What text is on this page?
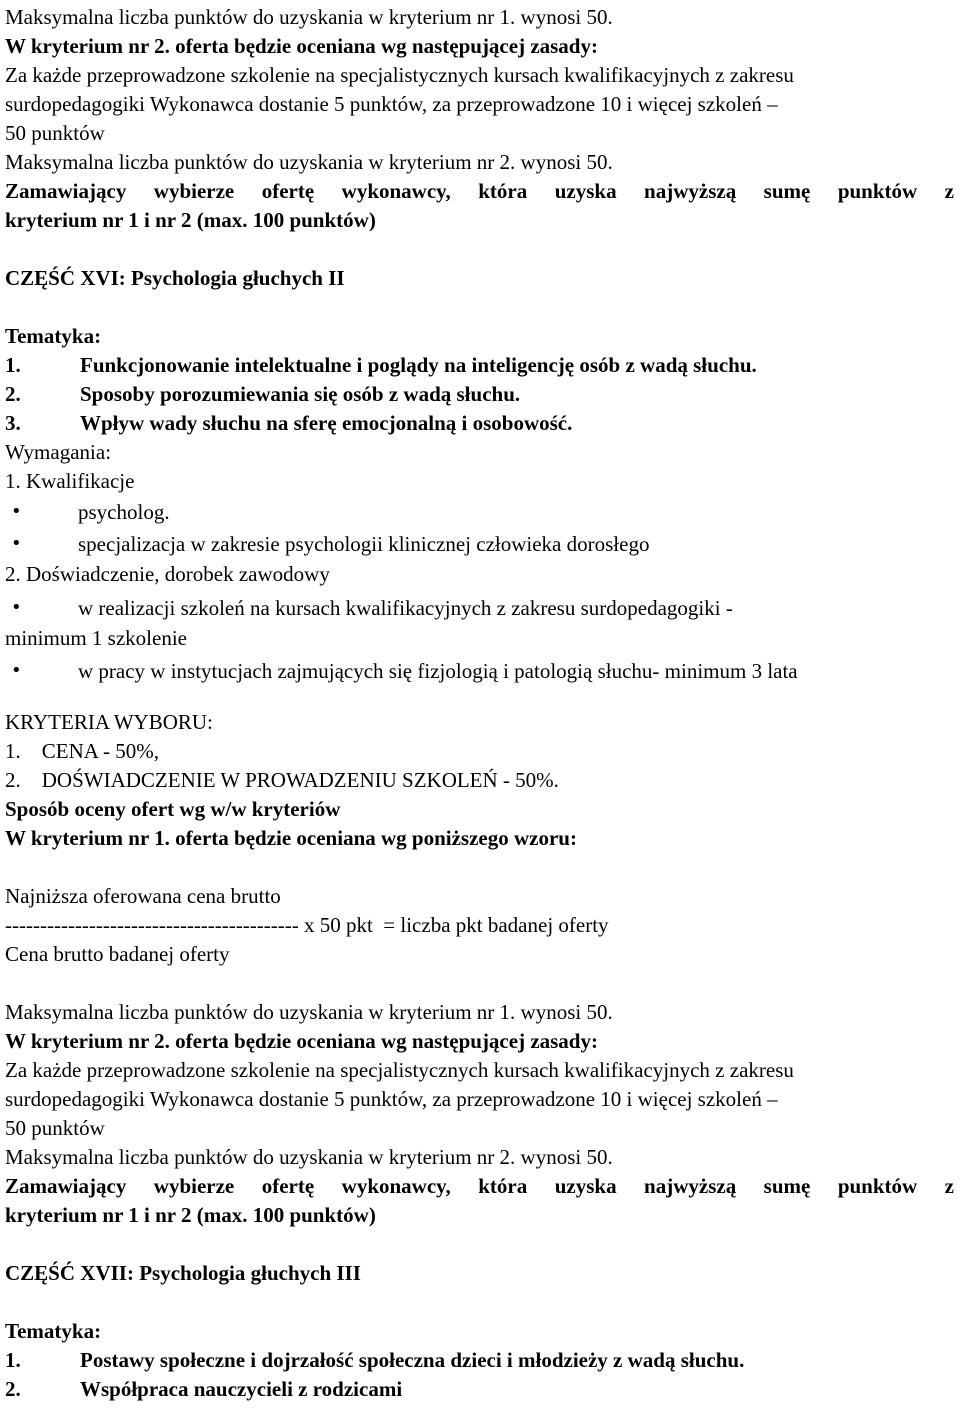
Maksymalna liczba punktów do uzyskania w kryterium nr 1. wynosi 50.
W kryterium nr 2. oferta będzie oceniana wg następującej zasady:
Za każde przeprowadzone szkolenie na specjalistycznych kursach kwalifikacyjnych z zakresu
surdopedagogiki Wykonawca dostanie 5 punktów, za przeprowadzone 10 i więcej szkoleń –
50 punktów
Maksymalna liczba punktów do uzyskania w kryterium nr 2. wynosi 50.
Zamawiający wybierze ofertę wykonawcy, która uzyska najwyższą sumę punktów z
kryterium nr 1 i nr 2 (max. 100 punktów)
CZĘŚĆ XVI: Psychologia głuchych II
Tematyka:
1.	Funkcjonowanie intelektualne i poglądy na inteligencję osób z wadą słuchu.
2.	Sposoby porozumiewania się osób z wadą słuchu.
3.	Wpływ wady słuchu na sferę emocjonalną i osobowość.
Wymagania:
1. Kwalifikacje
• psycholog.
• specjalizacja w zakresie psychologii klinicznej człowieka dorosłego
2. Doświadczenie, dorobek zawodowy
• w realizacji szkoleń na kursach kwalifikacyjnych z zakresu surdopedagogiki -
minimum 1 szkolenie
• w pracy w instytucjach zajmujących się fizjologią i patologią słuchu- minimum 3 lata
KRYTERIA WYBORU:
1.    CENA - 50%,
2.    DOŚWIADCZENIE W PROWADZENIU SZKOLEŃ - 50%.
Sposób oceny ofert wg w/w kryteriów
W kryterium nr 1. oferta będzie oceniana wg poniższego wzoru:
Najniższa oferowana cena brutto
------------------------------------------ x 50 pkt  = liczba pkt badanej oferty
Cena brutto badanej oferty
Maksymalna liczba punktów do uzyskania w kryterium nr 1. wynosi 50.
W kryterium nr 2. oferta będzie oceniana wg następującej zasady:
Za każde przeprowadzone szkolenie na specjalistycznych kursach kwalifikacyjnych z zakresu
surdopedagogiki Wykonawca dostanie 5 punktów, za przeprowadzone 10 i więcej szkoleń –
50 punktów
Maksymalna liczba punktów do uzyskania w kryterium nr 2. wynosi 50.
Zamawiający wybierze ofertę wykonawcy, która uzyska najwyższą sumę punktów z
kryterium nr 1 i nr 2 (max. 100 punktów)
CZĘŚĆ XVII: Psychologia głuchych III
Tematyka:
1.	Postawy społeczne i dojrzałość społeczna dzieci i młodzieży z wadą słuchu.
2.	Współpraca nauczycieli z rodzicami
